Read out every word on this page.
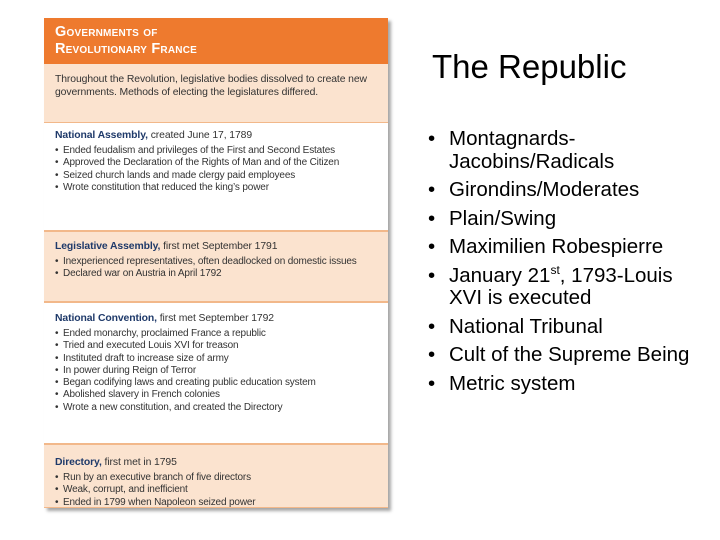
Governments of
Revolutionary France
Throughout the Revolution, legislative bodies dissolved to create new governments. Methods of electing the legislatures differed.
National Assembly, created June 17, 1789
• Ended feudalism and privileges of the First and Second Estates
• Approved the Declaration of the Rights of Man and of the Citizen
• Seized church lands and made clergy paid employees
• Wrote constitution that reduced the king’s power
Legislative Assembly, first met September 1791
• Inexperienced representatives, often deadlocked on domestic issues
• Declared war on Austria in April 1792
National Convention, first met September 1792
• Ended monarchy, proclaimed France a republic
• Tried and executed Louis XVI for treason
• Instituted draft to increase size of army
• In power during Reign of Terror
• Began codifying laws and creating public education system
• Abolished slavery in French colonies
• Wrote a new constitution, and created the Directory
Directory, first met in 1795
• Run by an executive branch of five directors
• Weak, corrupt, and inefficient
• Ended in 1799 when Napoleon seized power
The Republic
• Montagnards-Jacobins/Radicals
• Girondins/Moderates
• Plain/Swing
• Maximilien Robespierre
• January 21st, 1793-Louis XVI is executed
• National Tribunal
• Cult of the Supreme Being
• Metric system
